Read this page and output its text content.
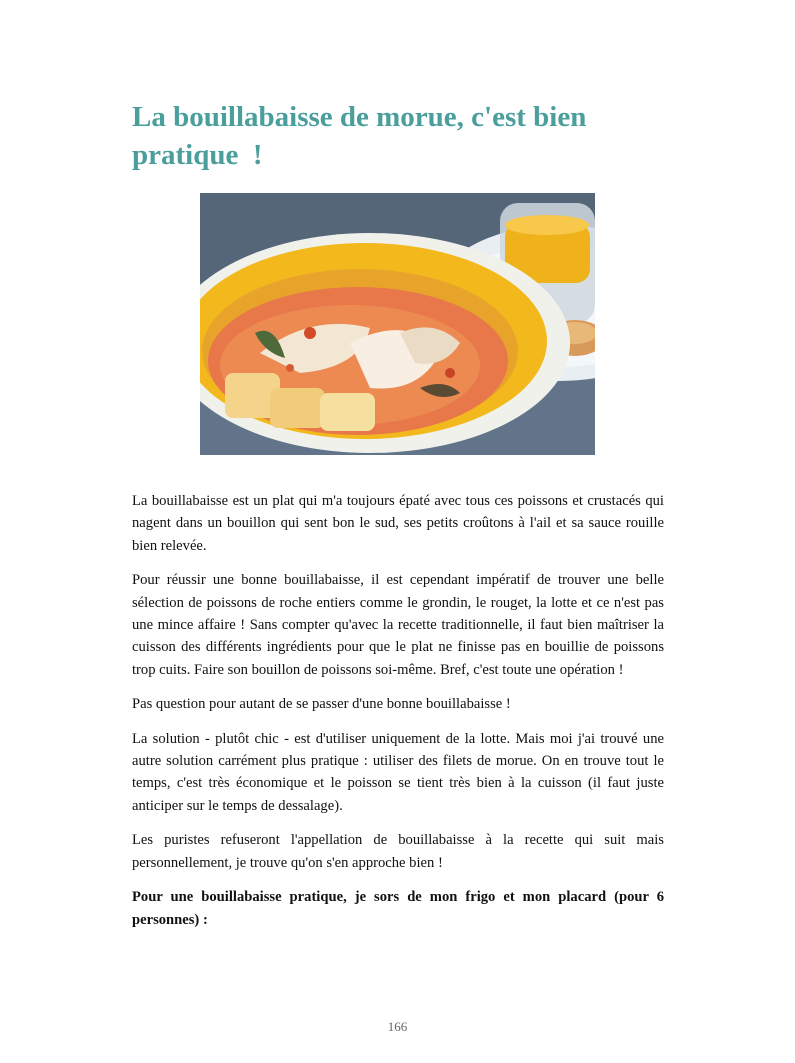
La bouillabaisse de morue, c'est bien pratique  !

La bouillabaisse est un plat qui m'a toujours épaté avec tous ces poissons et crustacés qui nagent dans un bouillon qui sent bon le sud, ses petits croûtons à l'ail et sa sauce rouille bien relevée.

Pour réussir une bonne bouillabaisse, il est cependant impératif de trouver une belle sélection de poissons de roche entiers comme le grondin, le rouget, la lotte et ce n'est pas une mince affaire ! Sans compter qu'avec la recette traditionnelle, il faut bien maîtriser la cuisson des différents ingrédients pour que le plat ne finisse pas en bouillie de poissons trop cuits. Faire son bouillon de poissons soi-même. Bref, c'est toute une opération !

Pas question pour autant de se passer d'une bonne bouillabaisse !

La solution - plutôt chic - est d'utiliser uniquement de la lotte. Mais moi j'ai trouvé une autre solution carrément plus pratique : utiliser des filets de morue. On en trouve tout le temps, c'est très économique et le poisson se tient très bien à la cuisson (il faut juste anticiper sur le temps de dessalage).

Les puristes refuseront l'appellation de bouillabaisse à la recette qui suit mais personnellement, je trouve qu'on s'en approche bien !

Pour une bouillabaisse pratique, je sors de mon frigo et mon placard (pour 6 personnes) :

166
